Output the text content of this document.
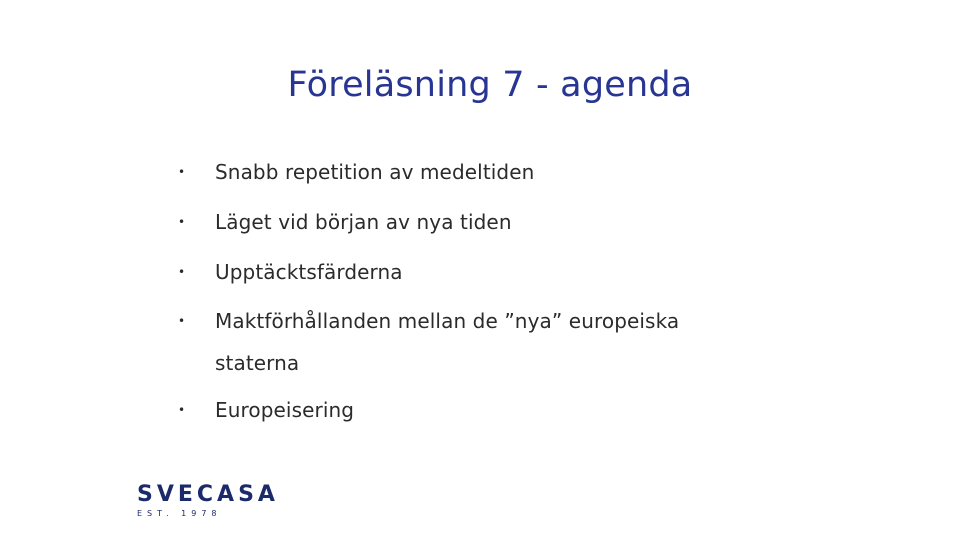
Föreläsning 7 - agenda
• Snabb repetition av medeltiden
• Läget vid början av nya tiden
• Upptäcktsfärderna
• Maktförhållanden mellan de ”nya” europeiska staterna
• Europeisering
SVECASA
EST. 1978
